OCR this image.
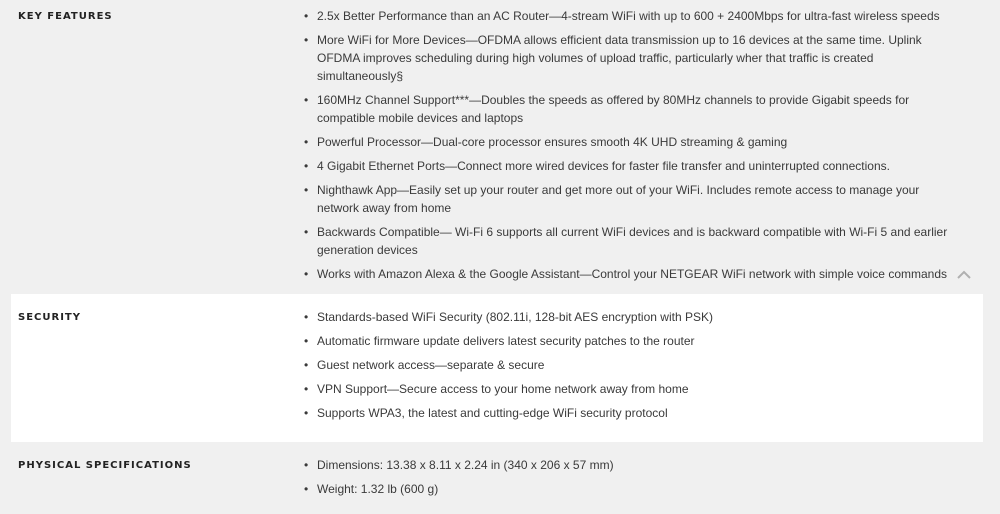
KEY FEATURES	• 2.5x Better Performance than an AC Router—4-stream WiFi with up to 600 + 2400Mbps for ultra-fast wireless speeds
• More WiFi for More Devices—OFDMA allows efficient data transmission up to 16 devices at the same time. Uplink OFDMA improves scheduling during high volumes of upload traffic, particularly wher that traffic is created simultaneously§
• 160MHz Channel Support***—Doubles the speeds as offered by 80MHz channels to provide Gigabit speeds for compatible mobile devices and laptops
• Powerful Processor—Dual-core processor ensures smooth 4K UHD streaming & gaming
• 4 Gigabit Ethernet Ports—Connect more wired devices for faster file transfer and uninterrupted connections.
• Nighthawk App—Easily set up your router and get more out of your WiFi. Includes remote access to manage your network away from home
• Backwards Compatible— Wi-Fi 6 supports all current WiFi devices and is backward compatible with Wi-Fi 5 and earlier generation devices
• Works with Amazon Alexa & the Google Assistant—Control your NETGEAR WiFi network with simple voice commands
SECURITY	• Standards-based WiFi Security (802.11i, 128-bit AES encryption with PSK)
• Automatic firmware update delivers latest security patches to the router
• Guest network access—separate & secure
• VPN Support—Secure access to your home network away from home
• Supports WPA3, the latest and cutting-edge WiFi security protocol
PHYSICAL SPECIFICATIONS	• Dimensions: 13.38 x 8.11 x 2.24 in (340 x 206 x 57 mm)
• Weight: 1.32 lb (600 g)
